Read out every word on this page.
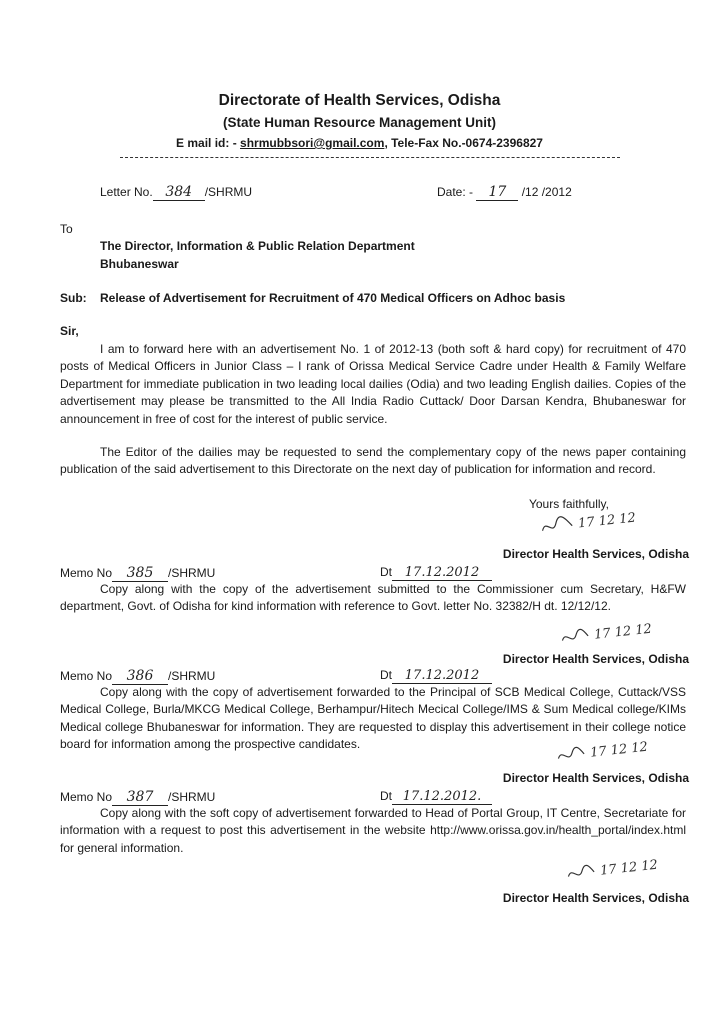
Directorate of Health Services, Odisha
(State Human Resource Management Unit)
E mail id: - shrmubbsori@gmail.com, Tele-Fax No.-0674-2396827
Letter No. 384 /SHRMU	Date: - 17 /12 /2012
To
The Director, Information & Public Relation Department
Bhubaneswar
Sub: Release of Advertisement for Recruitment of 470 Medical Officers on Adhoc basis
Sir,
I am to forward here with an advertisement No. 1 of 2012-13 (both soft & hard copy) for recruitment of 470 posts of Medical Officers in Junior Class – I rank of Orissa Medical Service Cadre under Health & Family Welfare Department for immediate publication in two leading local dailies (Odia) and two leading English dailies. Copies of the advertisement may please be transmitted to the All India Radio Cuttack/ Door Darsan Kendra, Bhubaneswar for announcement in free of cost for the interest of public service.
The Editor of the dailies may be requested to send the complementary copy of the news paper containing publication of the said advertisement to this Directorate on the next day of publication for information and record.
Yours faithfully,
17 12 12
Director Health Services, Odisha
Memo No 385 /SHRMU	Dt 17.12.2012
Copy along with the copy of the advertisement submitted to the Commissioner cum Secretary, H&FW department, Govt. of Odisha for kind information with reference to Govt. letter No. 32382/H dt. 12/12/12.
17 12 12
Director Health Services, Odisha
Memo No 386 /SHRMU	Dt 17.12.2012
Copy along with the copy of advertisement forwarded to the Principal of SCB Medical College, Cuttack/VSS Medical College, Burla/MKCG Medical College, Berhampur/Hitech Mecical College/IMS & Sum Medical college/KIMs Medical college Bhubaneswar for information. They are requested to display this advertisement in their college notice board for information among the prospective candidates.	17 12 12
Director Health Services, Odisha
Memo No 387 /SHRMU	Dt 17.12.2012.
Copy along with the soft copy of advertisement forwarded to Head of Portal Group, IT Centre, Secretariate for information with a request to post this advertisement in the website http://www.orissa.gov.in/health_portal/index.html for general information.
17 12 12
Director Health Services, Odisha
